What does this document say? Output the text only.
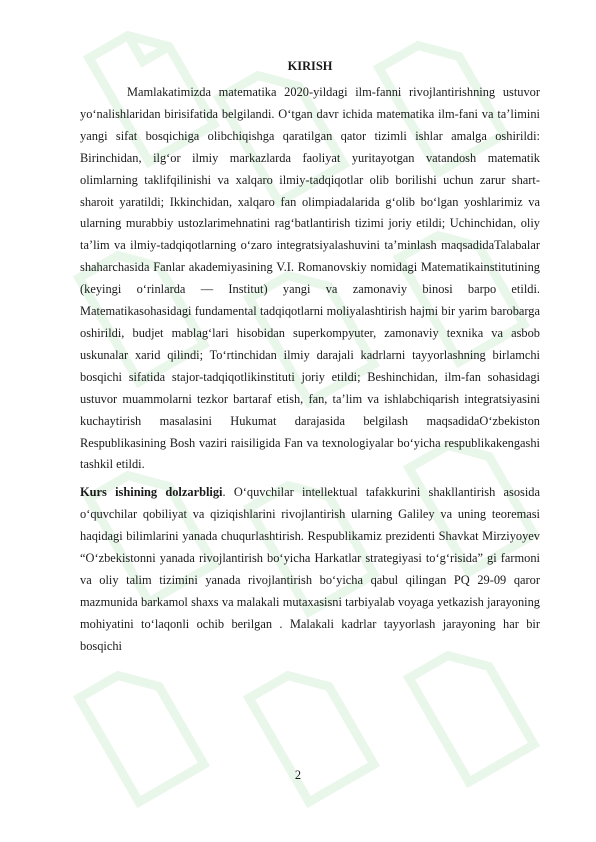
KIRISH

Mamlakatimizda matematika 2020-yildagi ilm-fanni rivojlantirishning ustuvor yo‘nalishlaridan birisifatida belgilandi. O‘tgan davr ichida matematika ilm-fani va ta’limini yangi sifat bosqichiga olibchiqishga qaratilgan qator tizimli ishlar amalga oshirildi: Birinchidan, ilg‘or ilmiy markazlarda faoliyat yuritayotgan vatandosh matematik olimlarning taklifqilinishi va xalqaro ilmiy-tadqiqotlar olib borilishi uchun zarur shart-sharoit yaratildi; Ikkinchidan, xalqaro fan olimpiadalarida g‘olib bo‘lgan yoshlarimiz va ularning murabbiy ustozlarimehnatini rag‘batlantirish tizimi joriy etildi; Uchinchidan, oliy ta’lim va ilmiy-tadqiqotlarning o‘zaro integratsiyalashuvini ta’minlash maqsadidaTalabalar shaharchasida Fanlar akademiyasining V.I. Romanovskiy nomidagi Matematikainstitutining (keyingi o‘rinlarda — Institut) yangi va zamonaviy binosi barpo etildi. Matematikasohasidagi fundamental tadqiqotlarni moliyalashtirish hajmi bir yarim barobarga oshirildi, budjet mablag‘lari hisobidan superkompyuter, zamonaviy texnika va asbob uskunalar xarid qilindi; To‘rtinchidan ilmiy darajali kadrlarni tayyorlashning birlamchi bosqichi sifatida stajor-tadqiqotlikinstituti joriy etildi; Beshinchidan, ilm-fan sohasidagi ustuvor muammolarni tezkor bartaraf etish, fan, ta’lim va ishlabchiqarish integratsiyasini kuchaytirish masalasini Hukumat darajasida belgilash maqsadidaO‘zbekiston Respublikasining Bosh vaziri raisiligida Fan va texnologiyalar bo‘yicha respublikakengashi tashkil etildi.

Kurs ishining dolzarbligi. O‘quvchilar intellektual tafakkurini shakllantirish asosida o‘quvchilar qobiliyat va qiziqishlarini rivojlantirish ularning Galiley va uning teoremasi haqidagi bilimlarini yanada chuqurlashtirish. Respublikamiz prezidenti Shavkat Mirziyoyev “O‘zbekistonni yanada rivojlantirish bo‘yicha Harkatlar strategiyasi to‘g‘risida” gi farmoni va oliy talim tizimini yanada rivojlantirish bo‘yicha qabul qilingan PQ 29-09 qaror mazmunida barkamol shaxs va malakali mutaxasisni tarbiyalab voyaga yetkazish jarayoning mohiyatini to‘laqonli ochib berilgan . Malakali kadrlar tayyorlash jarayoning har bir bosqichi

2
